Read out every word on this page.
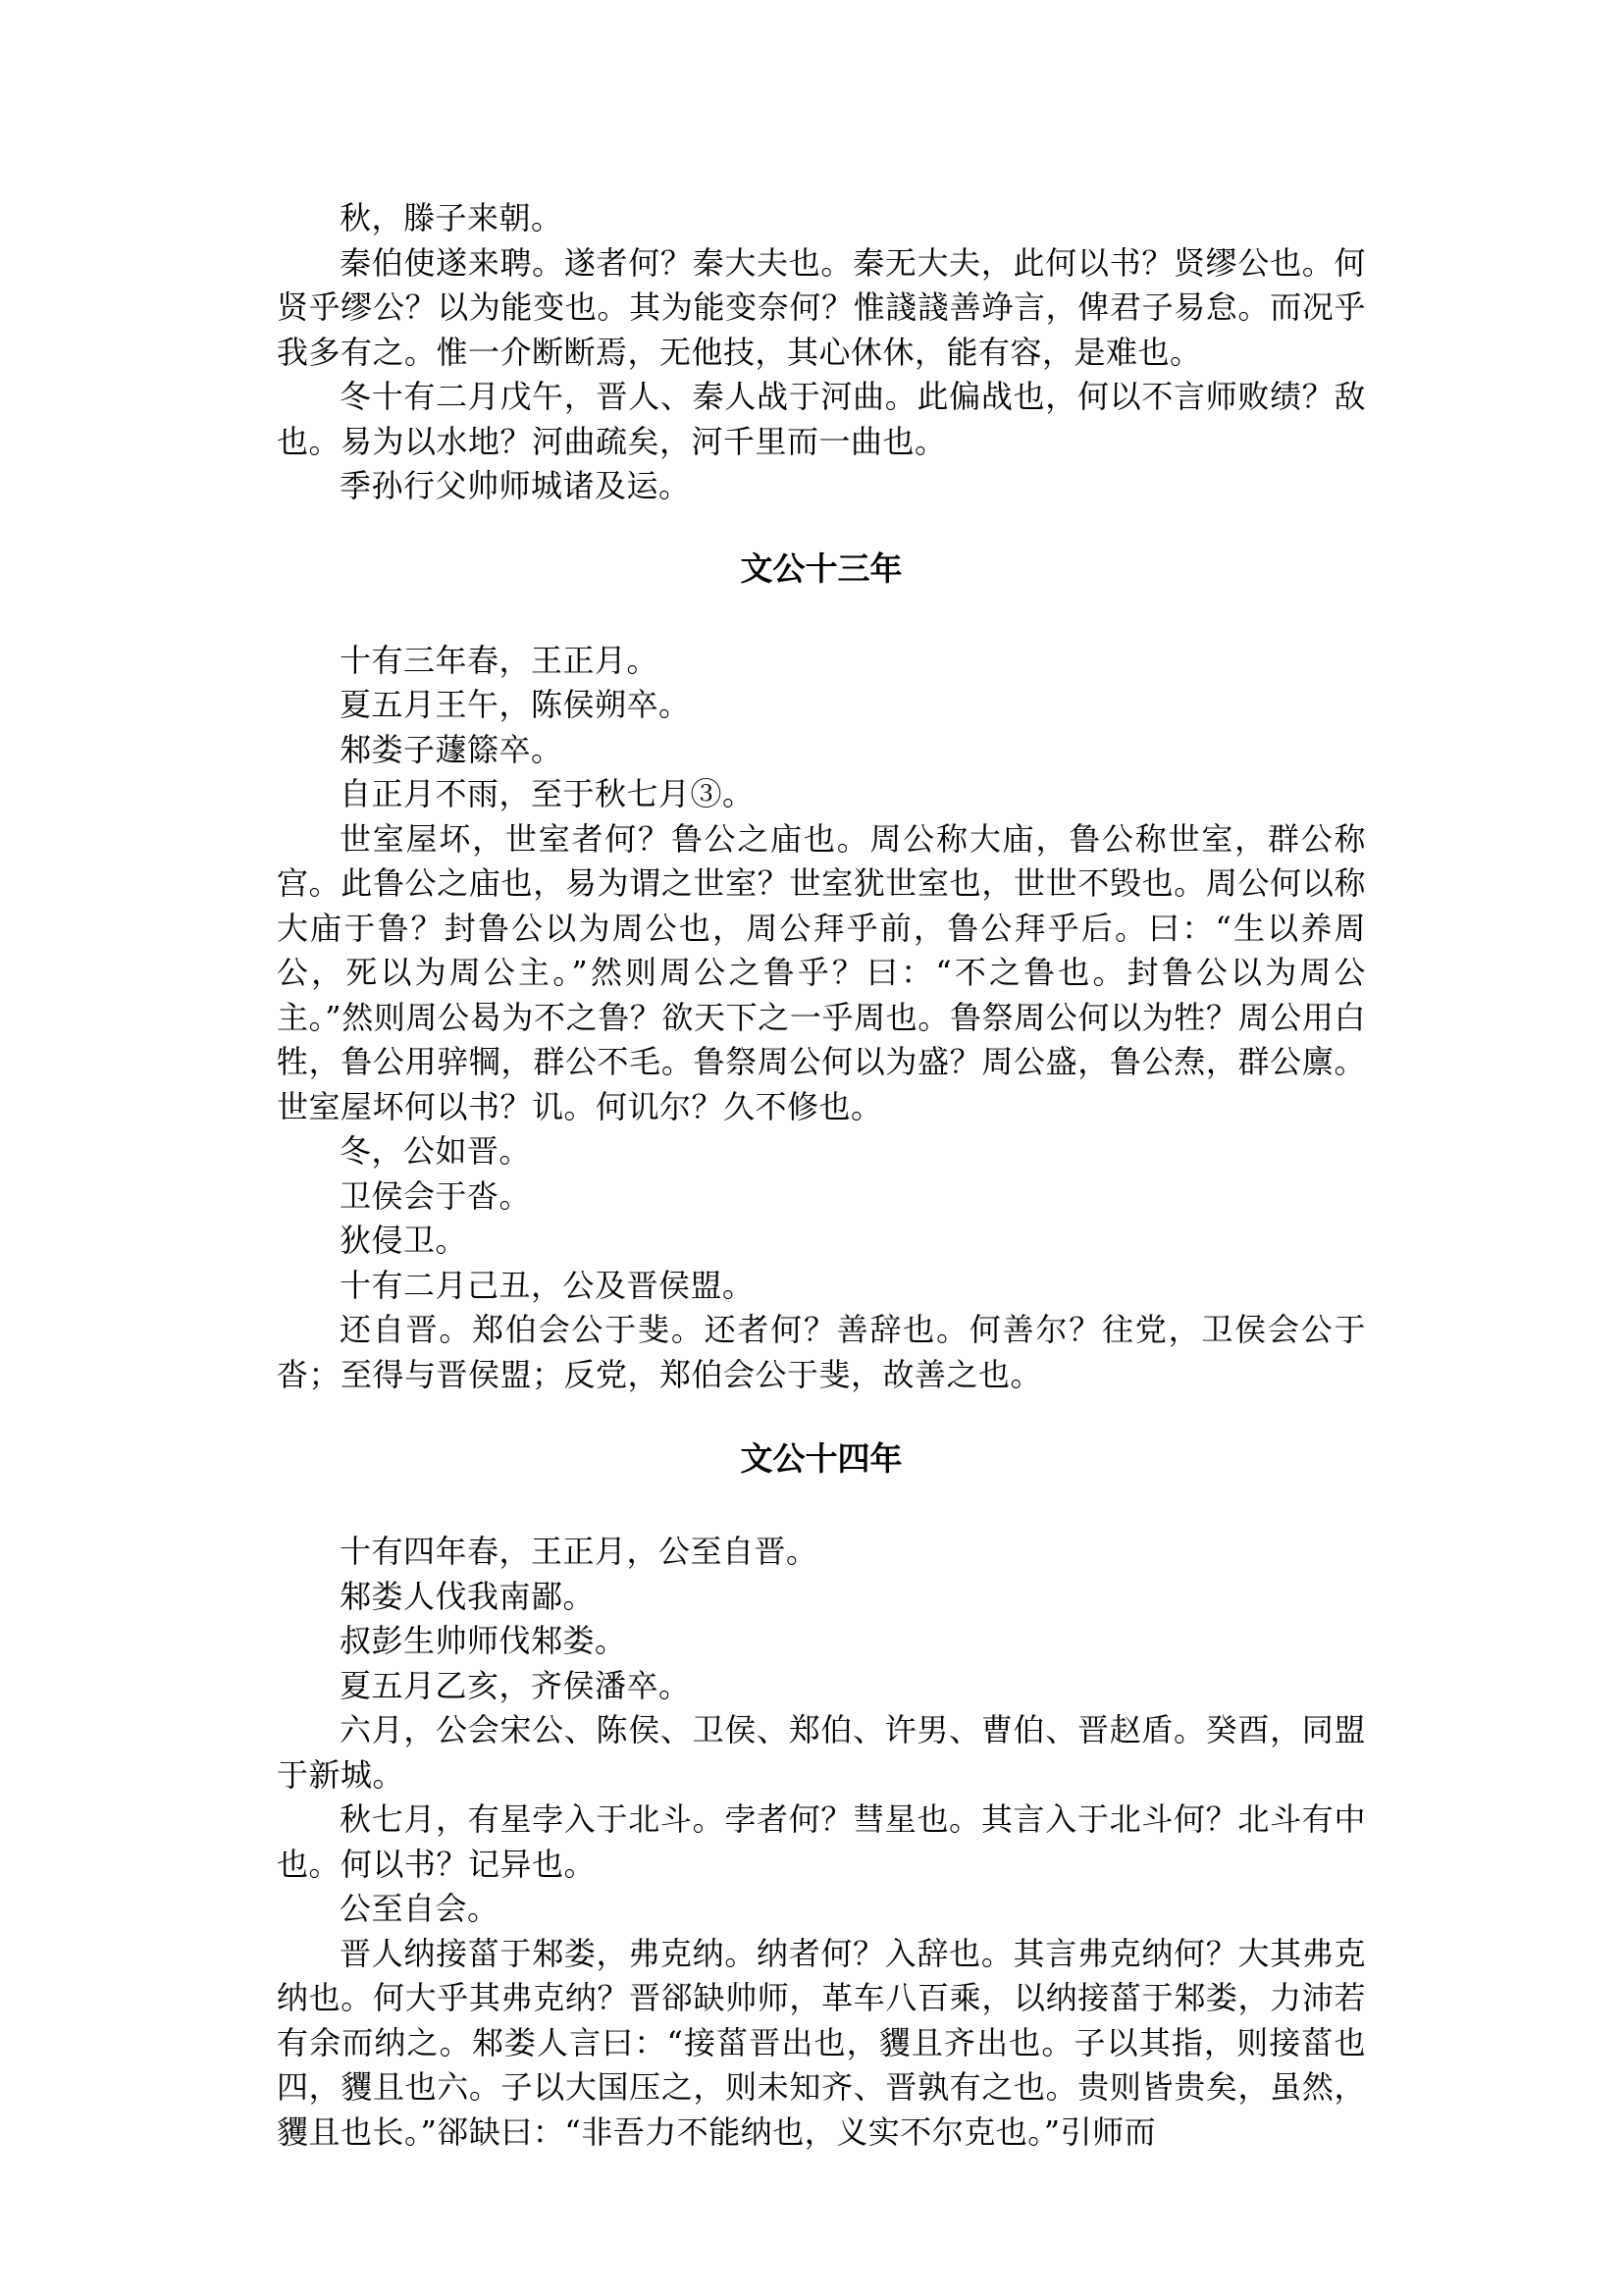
秋，滕子来朝。

秦伯使遂来聘。遂者何？秦大夫也。秦无大夫，此何以书？贤缪公也。何贤乎缪公？以为能变也。其为能变奈何？惟諓諓善竫言，俾君子易怠。而况乎我多有之。惟一介断断焉，无他技，其心休休，能有容，是难也。

冬十有二月戊午，晋人、秦人战于河曲。此偏战也，何以不言师败绩？敌也。易为以水地？河曲疏矣，河千里而一曲也。

季孙行父帅师城诸及运。

文公十三年

十有三年春，王正月。

夏五月王午，陈侯朔卒。

邾娄子蘧篨卒。

自正月不雨，至于秋七月③。

世室屋坏，世室者何？鲁公之庙也。周公称大庙，鲁公称世室，群公称宫。此鲁公之庙也，易为谓之世室？世室犹世室也，世世不毁也。周公何以称大庙于鲁？封鲁公以为周公也，周公拜乎前，鲁公拜乎后。曰：“生以养周公，死以为周公主。”然则周公之鲁乎？曰：“不之鲁也。封鲁公以为周公主。”然则周公曷为不之鲁？欲天下之一乎周也。鲁祭周公何以为牲？周公用白牲，鲁公用骍犅，群公不毛。鲁祭周公何以为盛？周公盛，鲁公焘，群公廪。世室屋坏何以书？讥。何讥尔？久不修也。

冬，公如晋。

卫侯会于沓。

狄侵卫。

十有二月己丑，公及晋侯盟。

还自晋。郑伯会公于斐。还者何？善辞也。何善尔？往党，卫侯会公于沓；至得与晋侯盟；反党，郑伯会公于斐，故善之也。

文公十四年

十有四年春，王正月，公至自晋。

邾娄人伐我南鄙。

叔彭生帅师伐邾娄。

夏五月乙亥，齐侯潘卒。

六月，公会宋公、陈侯、卫侯、郑伯、许男、曹伯、晋赵盾。癸酉，同盟于新城。

秋七月，有星孛入于北斗。孛者何？彗星也。其言入于北斗何？北斗有中也。何以书？记异也。

公至自会。

晋人纳接菑于邾娄，弗克纳。纳者何？入辞也。其言弗克纳何？大其弗克纳也。何大乎其弗克纳？晋郤缺帅师，革车八百乘，以纳接菑于邾娄，力沛若有余而纳之。邾娄人言曰：“接菑晋出也，貜且齐出也。子以其指，则接菑也四，貜且也六。子以大国压之，则未知齐、晋孰有之也。贵则皆贵矣，虽然，貜且也长。”郤缺曰：“非吾力不能纳也，义实不尔克也。”引师而
